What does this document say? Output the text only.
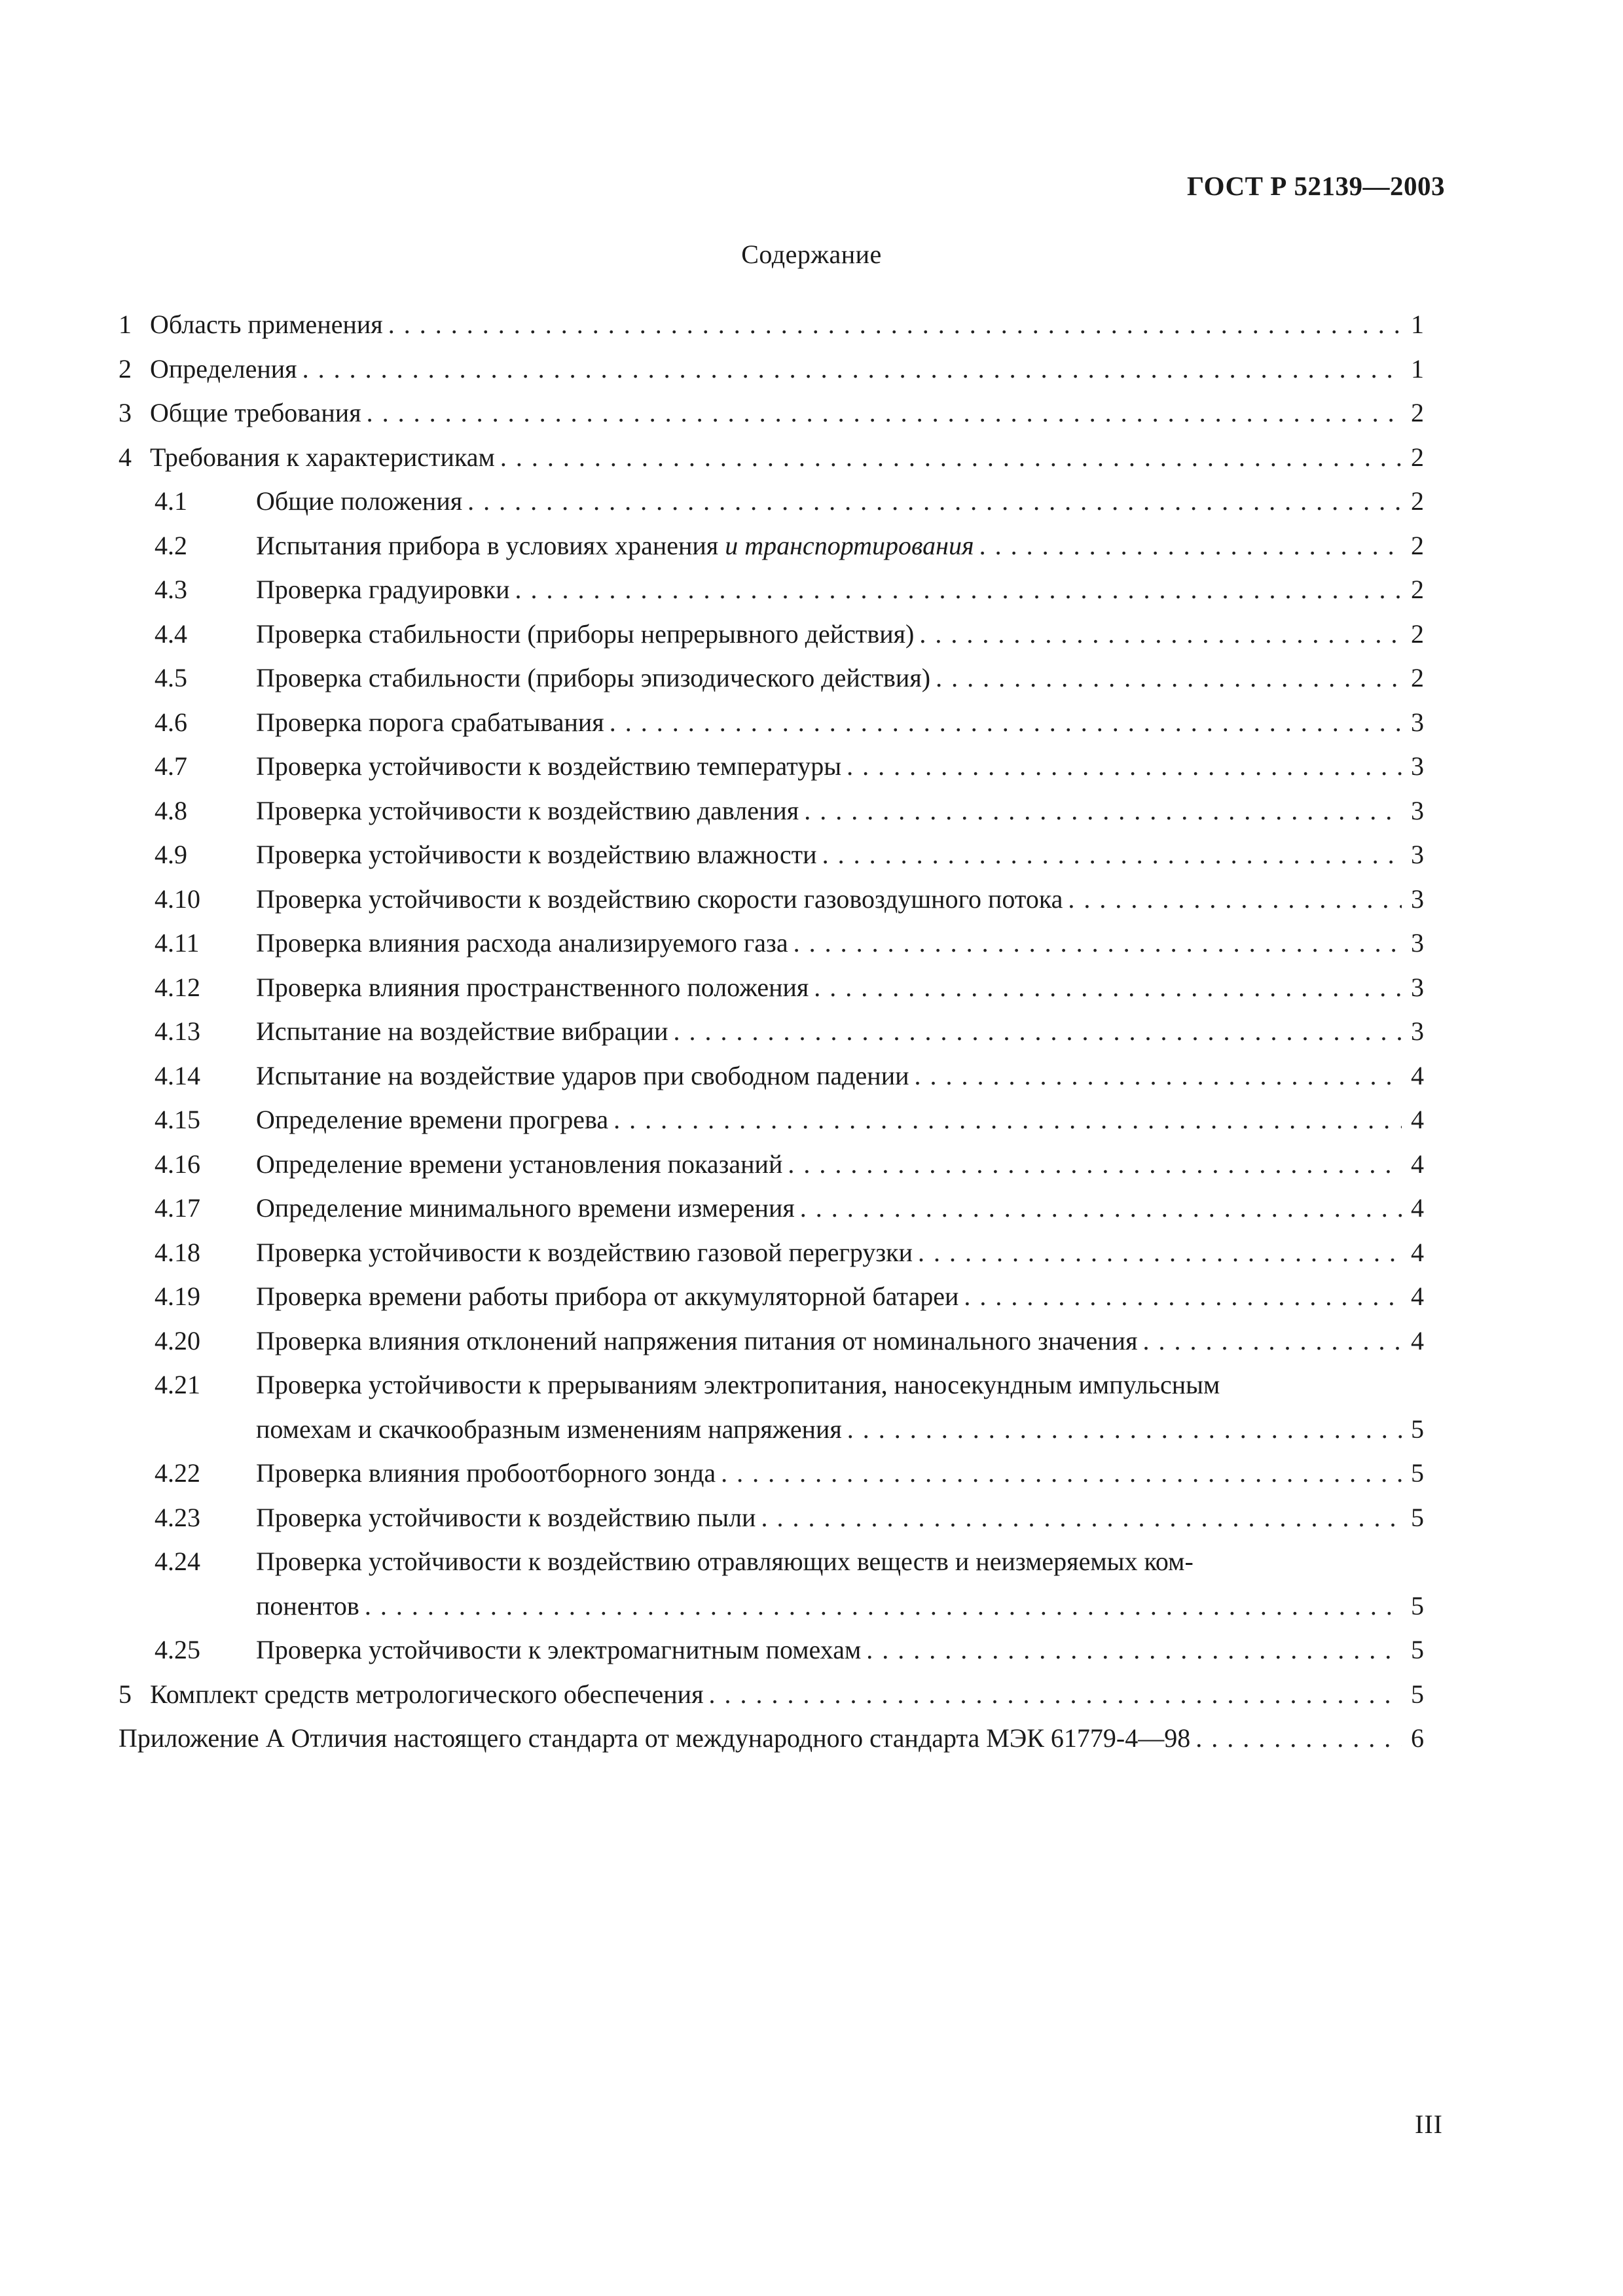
ГОСТ Р 52139—2003
Содержание
1 Область применения .....	1
2 Определения .....	1
3 Общие требования .....	2
4 Требования к характеристикам .....	2
4.1	Общие положения .....	2
4.2	Испытания прибора в условиях хранения и транспортирования .....	2
4.3	Проверка градуировки .....	2
4.4	Проверка стабильности (приборы непрерывного действия) .....	2
4.5	Проверка стабильности (приборы эпизодического действия) .....	2
4.6	Проверка порога срабатывания .....	3
4.7	Проверка устойчивости к воздействию температуры .....	3
4.8	Проверка устойчивости к воздействию давления .....	3
4.9	Проверка устойчивости к воздействию влажности .....	3
4.10	Проверка устойчивости к воздействию скорости газовоздушного потока .....	3
4.11	Проверка влияния расхода анализируемого газа .....	3
4.12	Проверка влияния пространственного положения .....	3
4.13	Испытание на воздействие вибрации .....	3
4.14	Испытание на воздействие ударов при свободном падении .....	4
4.15	Определение времени прогрева .....	4
4.16	Определение времени установления показаний .....	4
4.17	Определение минимального времени измерения .....	4
4.18	Проверка устойчивости к воздействию газовой перегрузки .....	4
4.19	Проверка времени работы прибора от аккумуляторной батареи .....	4
4.20	Проверка влияния отклонений напряжения питания от номинального значения .....	4
4.21	Проверка устойчивости к прерываниям электропитания, наносекундным импульсным
помехам и скачкообразным изменениям напряжения .....	5
4.22	Проверка влияния пробоотборного зонда .....	5
4.23	Проверка устойчивости к воздействию пыли .....	5
4.24	Проверка устойчивости к воздействию отравляющих веществ и неизмеряемых ком-
понентов .....	5
4.25	Проверка устойчивости к электромагнитным помехам .....	5
5 Комплект средств метрологического обеспечения .....	5
Приложение А Отличия настоящего стандарта от международного стандарта МЭК 61779-4—98 .....	6
III
